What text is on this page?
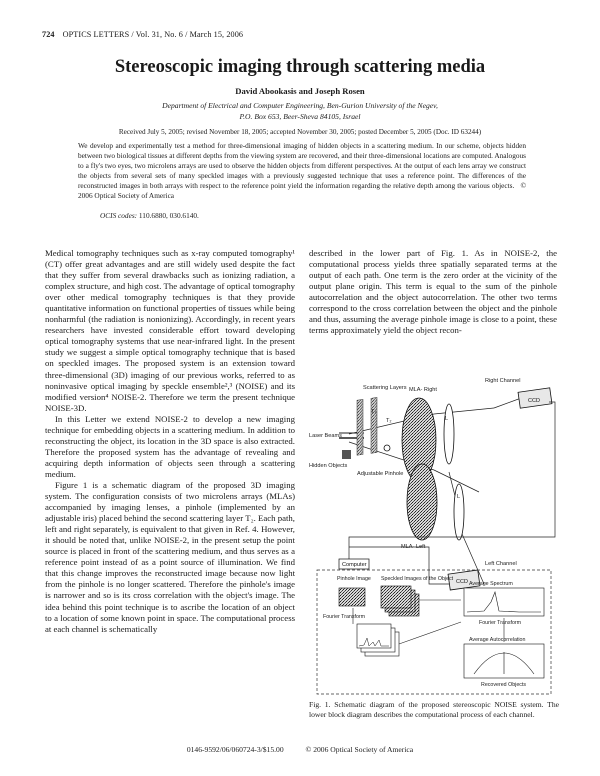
724 OPTICS LETTERS / Vol. 31, No. 6 / March 15, 2006
Stereoscopic imaging through scattering media
David Abookasis and Joseph Rosen
Department of Electrical and Computer Engineering, Ben-Gurion University of the Negev,
P.O. Box 653, Beer-Sheva 84105, Israel
Received July 5, 2005; revised November 18, 2005; accepted November 30, 2005; posted December 5, 2005 (Doc. ID 63244)
We develop and experimentally test a method for three-dimensional imaging of hidden objects in a scattering medium. In our scheme, objects hidden between two biological tissues at different depths from the viewing system are recovered, and their three-dimensional locations are computed. Analogous to a fly's two eyes, two microlens arrays are used to observe the hidden objects from different perspectives. At the output of each lens array we construct the objects from several sets of many speckled images with a previously suggested technique that uses a reference point. The differences of the reconstructed images in both arrays with respect to the reference point yield the information regarding the relative depth among the various objects. © 2006 Optical Society of America
OCIS codes: 110.6880, 030.6140.

Medical tomography techniques such as x-ray computed tomography¹ (CT) offer great advantages and are still widely used despite the fact that they suffer from several drawbacks such as ionizing radiation, a complex structure, and high cost. The advantage of optical tomography over other medical tomography techniques is that they provide quantitative information on functional properties of tissues while being nonharmful (the radiation is nonionizing). Accordingly, in recent years researchers have invested considerable effort toward developing optical tomography systems that use near-infrared light. In the present study we suggest a simple optical tomography technique that is based on speckled images. The proposed system is an extension toward three-dimensional (3D) imaging of our previous works, referred to as noninvasive optical imaging by speckle ensemble²,³ (NOISE) and its modified version⁴ NOISE-2. Therefore we term the present technique NOISE-3D.

In this Letter we extend NOISE-2 to develop a new imaging technique for embedding objects in a scattering medium. In addition to reconstructing the object, its location in the 3D space is also extracted. Therefore the proposed system has the advantage of revealing and acquiring depth information of objects seen through a scattering medium.

Figure 1 is a schematic diagram of the proposed 3D imaging system. The configuration consists of two microlens arrays (MLAs) accompanied by imaging lenses, a pinhole (implemented by an adjustable iris) placed behind the second scattering layer T₂. Each path, left and right separately, is equivalent to that given in Ref. 4. However, it should be noted that, unlike NOISE-2, in the present setup the point source is placed in front of the scattering medium, and thus serves as a reference point instead of as a point source of illumination. We find that this change improves the reconstructed image because now light from the pinhole is no longer scattered. Therefore the pinhole's image is narrower and so is its cross correlation with the object's image. The idea behind this point technique is to ascribe the location of an object to a location of some known point in space. The computational process at each channel is schematically

described in the lower part of Fig. 1. As in NOISE-2, the computational process yields three spatially separated terms at the output of each path. One term is the zero order at the vicinity of the output plane origin. This term is equal to the sum of the pinhole autocorrelation and the object autocorrelation. The other two terms correspond to the cross correlation between the object and the pinhole and thus, assuming the average pinhole image is close to a point, these terms approximately yield the object recon-

CCD
CCD
Scattering Layers
T₁
T₂
Laser Beams
Hidden Objects
Adjustable Pinhole
MLA- Right
MLA- Left
L
L
Right Channel
Left Channel
Computer
Pinhole Image Speckled Images of the Object
Average Spectrum
Fourier Transform
Fourier Transform
Average Autocorrelation
Recovered Objects
Fig. 1. Schematic diagram of the proposed stereoscopic NOISE system. The lower block diagram describes the computational process of each channel.
0146-9592/06/060724-3/$15.00	© 2006 Optical Society of America
